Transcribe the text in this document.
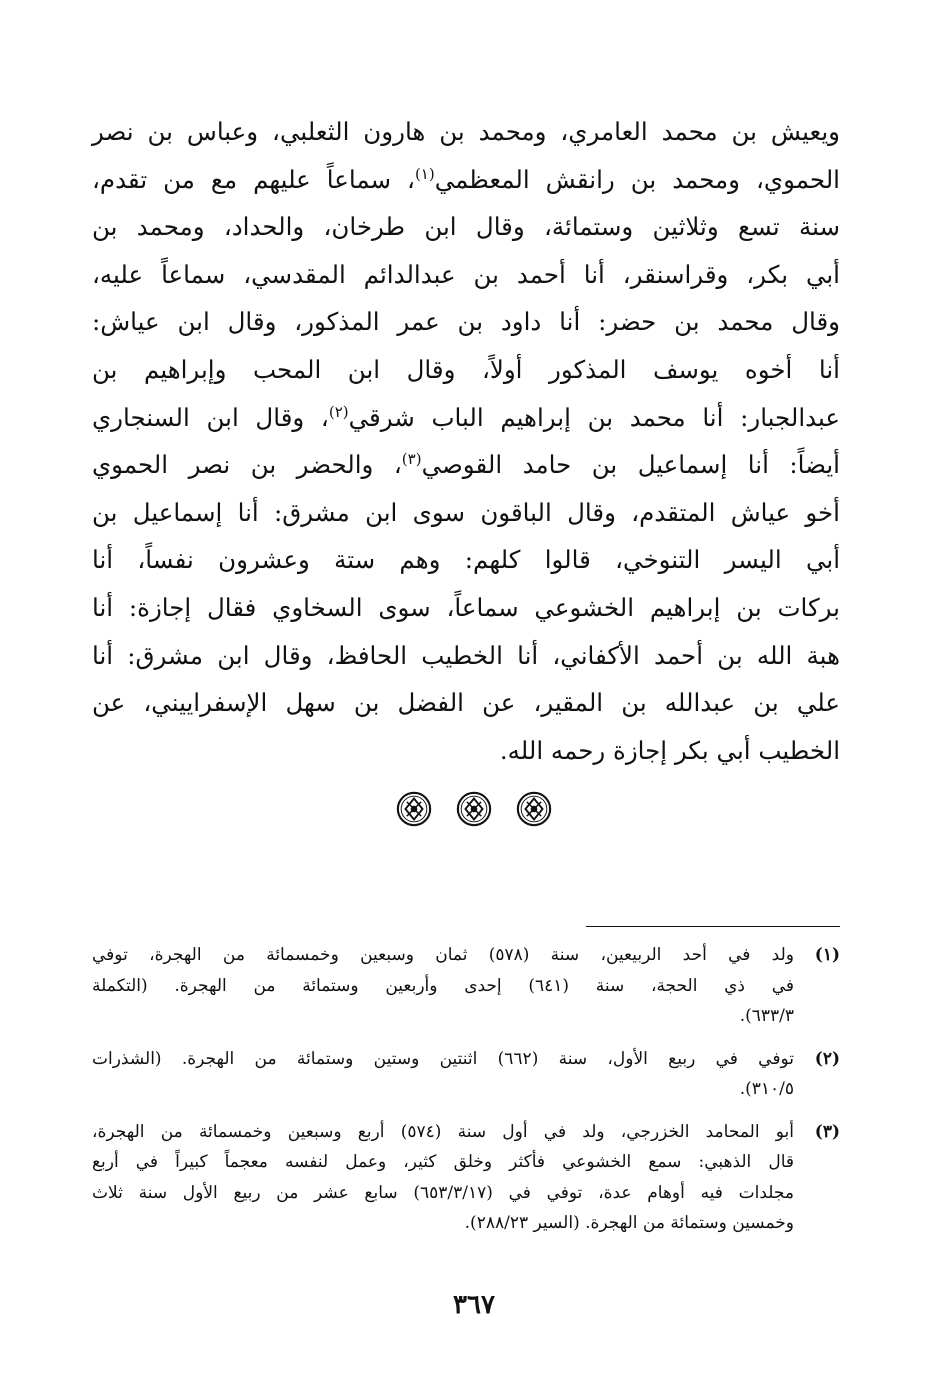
ويعيش بن محمد العامري، ومحمد بن هارون الثعلبي، وعباس بن نصر
الحموي، ومحمد بن رانقش المعظمي$^{(١)}$، سماعاً عليهم مع من تقدم،
سنة تسع وثلاثين وستمائة، وقال ابن طرخان، والحداد، ومحمد بن
أبي بكر، وقراسنقر، أنا أحمد بن عبدالدائم المقدسي، سماعاً عليه،
وقال محمد بن حضر: أنا داود بن عمر المذكور، وقال ابن عياش:
أنا أخوه يوسف المذكور أولاً، وقال ابن المحب وإبراهيم بن
عبدالجبار: أنا محمد بن إبراهيم الباب شرقي$^{(٢)}$، وقال ابن السنجاري
أيضاً: أنا إسماعيل بن حامد القوصي$^{(٣)}$، والحضر بن نصر الحموي
أخو عياش المتقدم، وقال الباقون سوى ابن مشرق: أنا إسماعيل بن
أبي اليسر التنوخي، قالوا كلهم: وهم ستة وعشرون نفساً، أنا
بركات بن إبراهيم الخشوعي سماعاً، سوى السخاوي فقال إجازة: أنا
هبة الله بن أحمد الأكفاني، أنا الخطيب الحافظ، وقال ابن مشرق: أنا
علي بن عبدالله بن المقير، عن الفضل بن سهل الإسفراييني، عن
الخطيب أبي بكر إجازة رحمه الله.
(١)
ولد في أحد الربيعين، سنة (٥٧٨) ثمان وسبعين وخمسمائة من الهجرة، توفي
في ذي الحجة، سنة (٦٤١) إحدى وأربعين وستمائة من الهجرة. (التكملة
٦٣٣/٣).
(٢)
توفي في ربيع الأول، سنة (٦٦٢) اثنتين وستين وستمائة من الهجرة. (الشذرات
٣١٠/٥).
(٣)
أبو المحامد الخزرجي، ولد في أول سنة (٥٧٤) أربع وسبعين وخمسمائة من الهجرة،
قال الذهبي: سمع الخشوعي فأكثر وخلق كثير، وعمل لنفسه معجماً كبيراً في أربع
مجلدات فيه أوهام عدة، توفي في (٦٥٣/٣/١٧) سابع عشر من ربيع الأول سنة ثلاث
وخمسين وستمائة من الهجرة. (السير ٢٨٨/٢٣).
٣٦٧
